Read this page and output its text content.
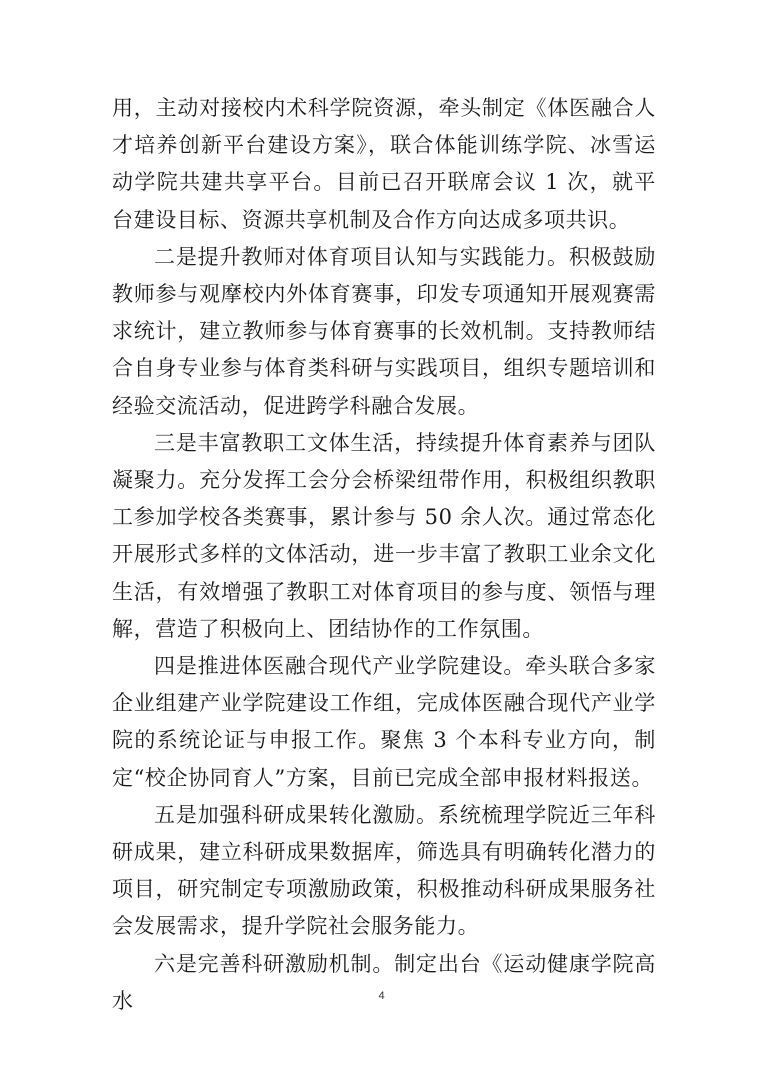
用，主动对接校内术科学院资源，牵头制定《体医融合人才培养创新平台建设方案》，联合体能训练学院、冰雪运动学院共建共享平台。目前已召开联席会议 1 次，就平台建设目标、资源共享机制及合作方向达成多项共识。

二是提升教师对体育项目认知与实践能力。积极鼓励教师参与观摩校内外体育赛事，印发专项通知开展观赛需求统计，建立教师参与体育赛事的长效机制。支持教师结合自身专业参与体育类科研与实践项目，组织专题培训和经验交流活动，促进跨学科融合发展。

三是丰富教职工文体生活，持续提升体育素养与团队凝聚力。充分发挥工会分会桥梁纽带作用，积极组织教职工参加学校各类赛事，累计参与 50 余人次。通过常态化开展形式多样的文体活动，进一步丰富了教职工业余文化生活，有效增强了教职工对体育项目的参与度、领悟与理解，营造了积极向上、团结协作的工作氛围。

四是推进体医融合现代产业学院建设。牵头联合多家企业组建产业学院建设工作组，完成体医融合现代产业学院的系统论证与申报工作。聚焦 3 个本科专业方向，制定“校企协同育人”方案，目前已完成全部申报材料报送。

五是加强科研成果转化激励。系统梳理学院近三年科研成果，建立科研成果数据库，筛选具有明确转化潜力的项目，研究制定专项激励政策，积极推动科研成果服务社会发展需求，提升学院社会服务能力。

六是完善科研激励机制。制定出台《运动健康学院高水	4
